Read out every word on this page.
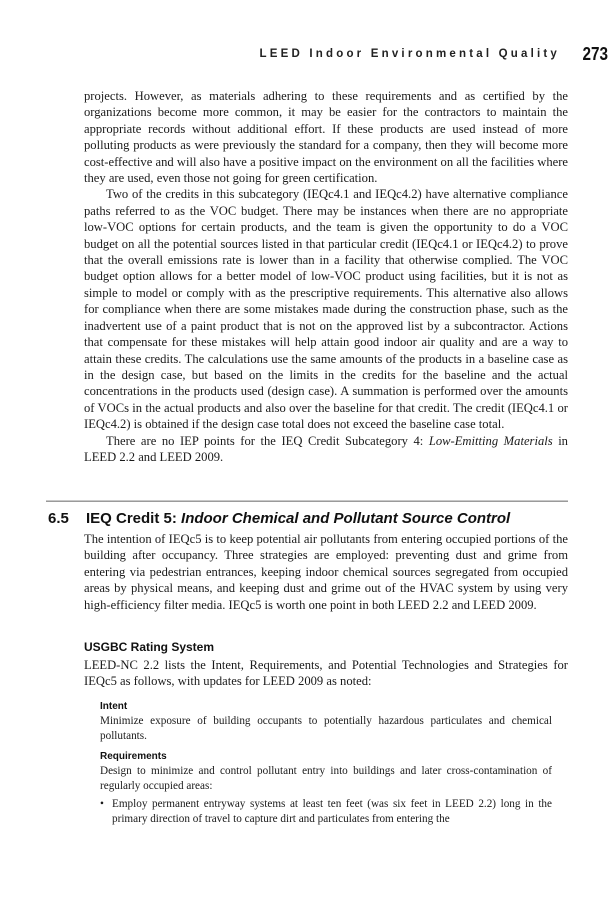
LEED Indoor Environmental Quality 273

projects. However, as materials adhering to these requirements and as certified by the organizations become more common, it may be easier for the contractors to maintain the appropriate records without additional effort. If these products are used instead of more polluting products as were previously the standard for a company, then they will become more cost-effective and will also have a positive impact on the environment on all the facilities where they are used, even those not going for green certification.

Two of the credits in this subcategory (IEQc4.1 and IEQc4.2) have alternative compliance paths referred to as the VOC budget. There may be instances when there are no appropriate low-VOC options for certain products, and the team is given the opportunity to do a VOC budget on all the potential sources listed in that particular credit (IEQc4.1 or IEQc4.2) to prove that the overall emissions rate is lower than in a facility that otherwise complied. The VOC budget option allows for a better model of low-VOC product using facilities, but it is not as simple to model or comply with as the prescriptive requirements. This alternative also allows for compliance when there are some mistakes made during the construction phase, such as the inadvertent use of a paint product that is not on the approved list by a subcontractor. Actions that compensate for these mistakes will help attain good indoor air quality and are a way to attain these credits. The calculations use the same amounts of the products in a baseline case as in the design case, but based on the limits in the credits for the baseline and the actual concentrations in the products used (design case). A summation is performed over the amounts of VOCs in the actual products and also over the baseline for that credit. The credit (IEQc4.1 or IEQc4.2) is obtained if the design case total does not exceed the baseline case total.

There are no IEP points for the IEQ Credit Subcategory 4: Low-Emitting Materials in LEED 2.2 and LEED 2009.

6.5 IEQ Credit 5: Indoor Chemical and Pollutant Source Control

The intention of IEQc5 is to keep potential air pollutants from entering occupied portions of the building after occupancy. Three strategies are employed: preventing dust and grime from entering via pedestrian entrances, keeping indoor chemical sources segregated from occupied areas by physical means, and keeping dust and grime out of the HVAC system by using very high-efficiency filter media. IEQc5 is worth one point in both LEED 2.2 and LEED 2009.

USGBC Rating System

LEED-NC 2.2 lists the Intent, Requirements, and Potential Technologies and Strategies for IEQc5 as follows, with updates for LEED 2009 as noted:

Intent

Minimize exposure of building occupants to potentially hazardous particulates and chemical pollutants.

Requirements

Design to minimize and control pollutant entry into buildings and later cross-contamination of regularly occupied areas:

• Employ permanent entryway systems at least ten feet (was six feet in LEED 2.2) long in the primary direction of travel to capture dirt and particulates from entering the
